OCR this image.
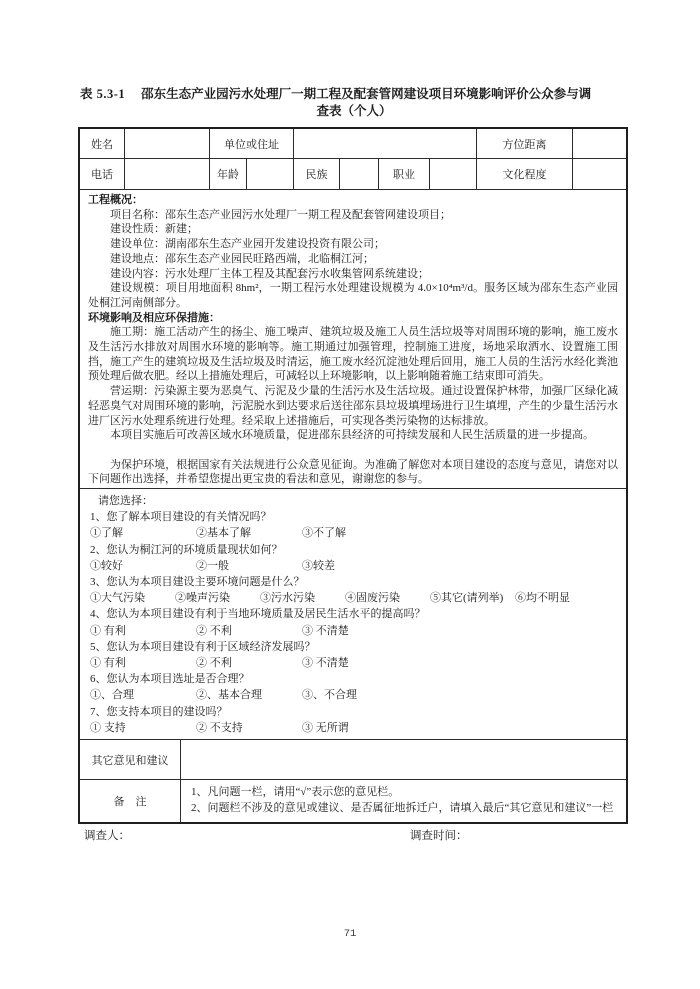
表 5.3-1 邵东生态产业园污水处理厂一期工程及配套管网建设项目环境影响评价公众参与调
查表（个人）
姓名	单位或住址	方位距离
电话	年龄	民族	职业	文化程度
工程概况：

项目名称：邵东生态产业园污水处理厂一期工程及配套管网建设项目；

建设性质：新建；

建设单位：湖南邵东生态产业园开发建设投资有限公司；

建设地点：邵东生态产业园民旺路西端，北临桐江河；

建设内容：污水处理厂主体工程及其配套污水收集管网系统建设；

建设规模：项目用地面积 8hm²，一期工程污水处理建设规模为 4.0×10⁴m³/d。服务区域为邵东生态产业园处桐江河南侧部分。

环境影响及相应环保措施：

施工期：施工活动产生的扬尘、施工噪声、建筑垃圾及施工人员生活垃圾等对周围环境的影响，施工废水及生活污水排放对周围水环境的影响等。施工期通过加强管理，控制施工进度，场地采取洒水、设置施工围挡，施工产生的建筑垃圾及生活垃圾及时清运，施工废水经沉淀池处理后回用，施工人员的生活污水经化粪池预处理后做农肥。经以上措施处理后，可减轻以上环境影响，以上影响随着施工结束即可消失。

营运期：污染源主要为恶臭气、污泥及少量的生活污水及生活垃圾。通过设置保护林带，加强厂区绿化减轻恶臭气对周围环境的影响，污泥脱水到达要求后送往邵东县垃圾填埋场进行卫生填埋，产生的少量生活污水进厂区污水处理系统进行处理。经采取上述措施后，可实现各类污染物的达标排放。

本项目实施后可改善区域水环境质量，促进邵东县经济的可持续发展和人民生活质量的进一步提高。

为保护环境，根据国家有关法规进行公众意见征询。为准确了解您对本项目建设的态度与意见，请您对以下问题作出选择，并希望您提出更宝贵的看法和意见，谢谢您的参与。

请您选择：
1、您了解本项目建设的有关情况吗？
①了解	②基本了解	③不了解
2、您认为桐江河的环境质量现状如何？
①较好	②一般	③较差
3、您认为本项目建设主要环境问题是什么？
①大气污染	②噪声污染	③污水污染	④固废污染	⑤其它(请列举) ⑥均不明显
4、您认为本项目建设有利于当地环境质量及居民生活水平的提高吗？
① 有利	② 不利	③ 不清楚
5、您认为本项目建设有利于区域经济发展吗？
① 有利	② 不利	③ 不清楚
6、您认为本项目选址是否合理？
①、合理	②、基本合理	③、不合理
7、您支持本项目的建设吗？
① 支持	② 不支持	③ 无所谓
其它意见和建议
备　注
1、凡问题一栏，请用“√”表示您的意见栏。
2、问题栏不涉及的意见或建议、是否属征地拆迁户，请填入最后“其它意见和建议”一栏
调查人：	调查时间：
71
